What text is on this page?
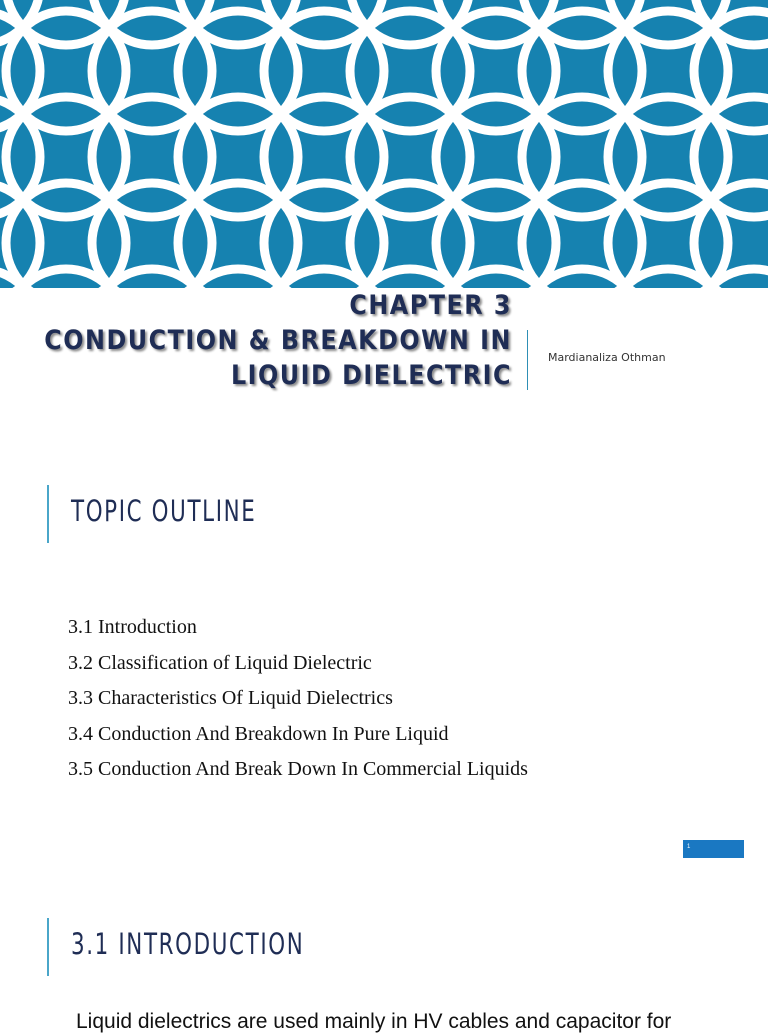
CHAPTER 3
CONDUCTION & BREAKDOWN IN
LIQUID DIELECTRIC
Mardianaliza Othman
TOPIC OUTLINE
3.1 Introduction
3.2 Classification of Liquid Dielectric
3.3 Characteristics Of Liquid Dielectrics
3.4 Conduction And Breakdown In Pure Liquid
3.5 Conduction And Break Down In Commercial Liquids
1
3.1 INTRODUCTION
Liquid dielectrics are used mainly in HV cables and capacitor for
